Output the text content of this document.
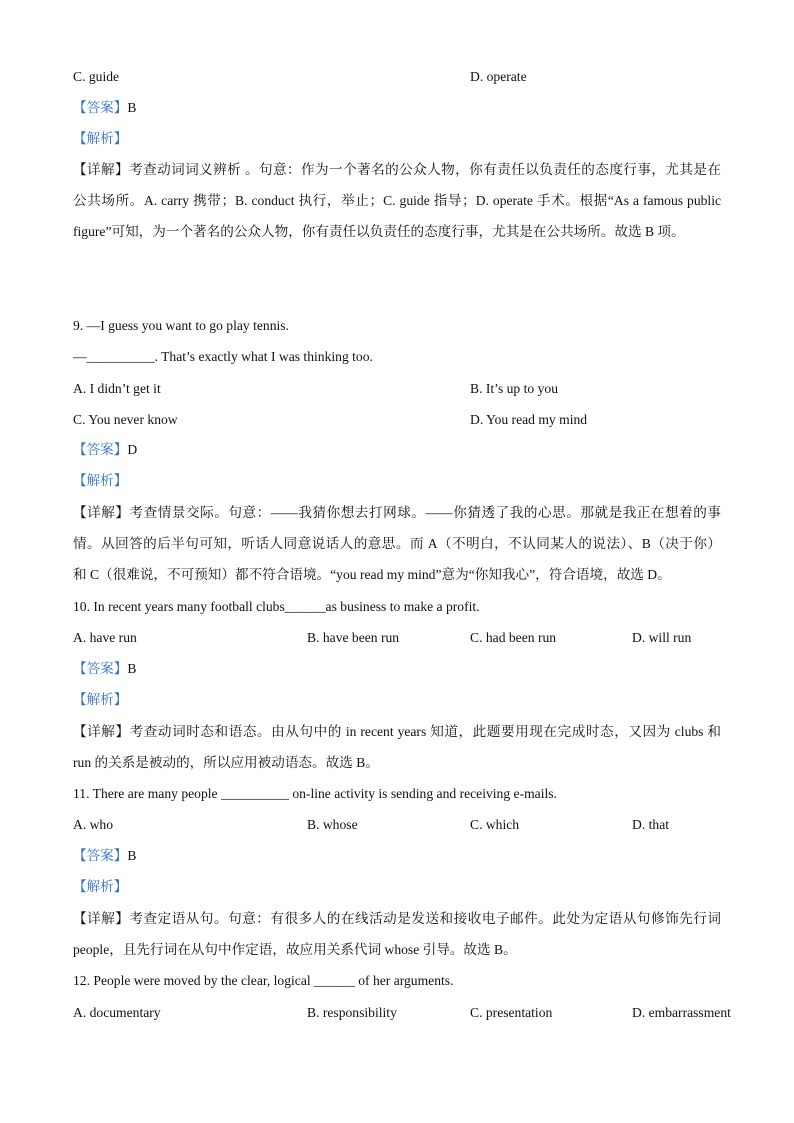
C. guide	D. operate
【答案】B
【解析】
【详解】考查动词词义辨析 。句意：作为一个著名的公众人物，你有责任以负责任的态度行事，尤其是在
公共场所。A. carry 携带；B. conduct 执行，举止；C. guide 指导；D. operate 手术。根据“As a famous public
figure”可知，为一个著名的公众人物，你有责任以负责任的态度行事，尤其是在公共场所。故选 B 项。
9. —I guess you want to go play tennis.
—__________. That’s exactly what I was thinking too.
A. I didn’t get it	B. It’s up to you
C. You never know	D. You read my mind
【答案】D
【解析】
【详解】考查情景交际。句意：——我猜你想去打网球。——你猜透了我的心思。那就是我正在想着的事
情。从回答的后半句可知，听话人同意说话人的意思。而 A（不明白，不认同某人的说法）、B（决于你）
和 C（很难说，不可预知）都不符合语境。“you read my mind”意为“你知我心”，符合语境，故选 D。
10. In recent years many football clubs______as business to make a profit.
A. have run	B. have been run	C. had been run	D. will run
【答案】B
【解析】
【详解】考查动词时态和语态。由从句中的 in recent years 知道，此题要用现在完成时态，又因为 clubs 和
run 的关系是被动的，所以应用被动语态。故选 B。
11. There are many people __________ on-line activity is sending and receiving e-mails.
A. who	B. whose	C. which	D. that
【答案】B
【解析】
【详解】考查定语从句。句意：有很多人的在线活动是发送和接收电子邮件。此处为定语从句修饰先行词
people，且先行词在从句中作定语，故应用关系代词 whose 引导。故选 B。
12. People were moved by the clear, logical ______ of her arguments.
A. documentary	B. responsibility	C. presentation	D. embarrassment
